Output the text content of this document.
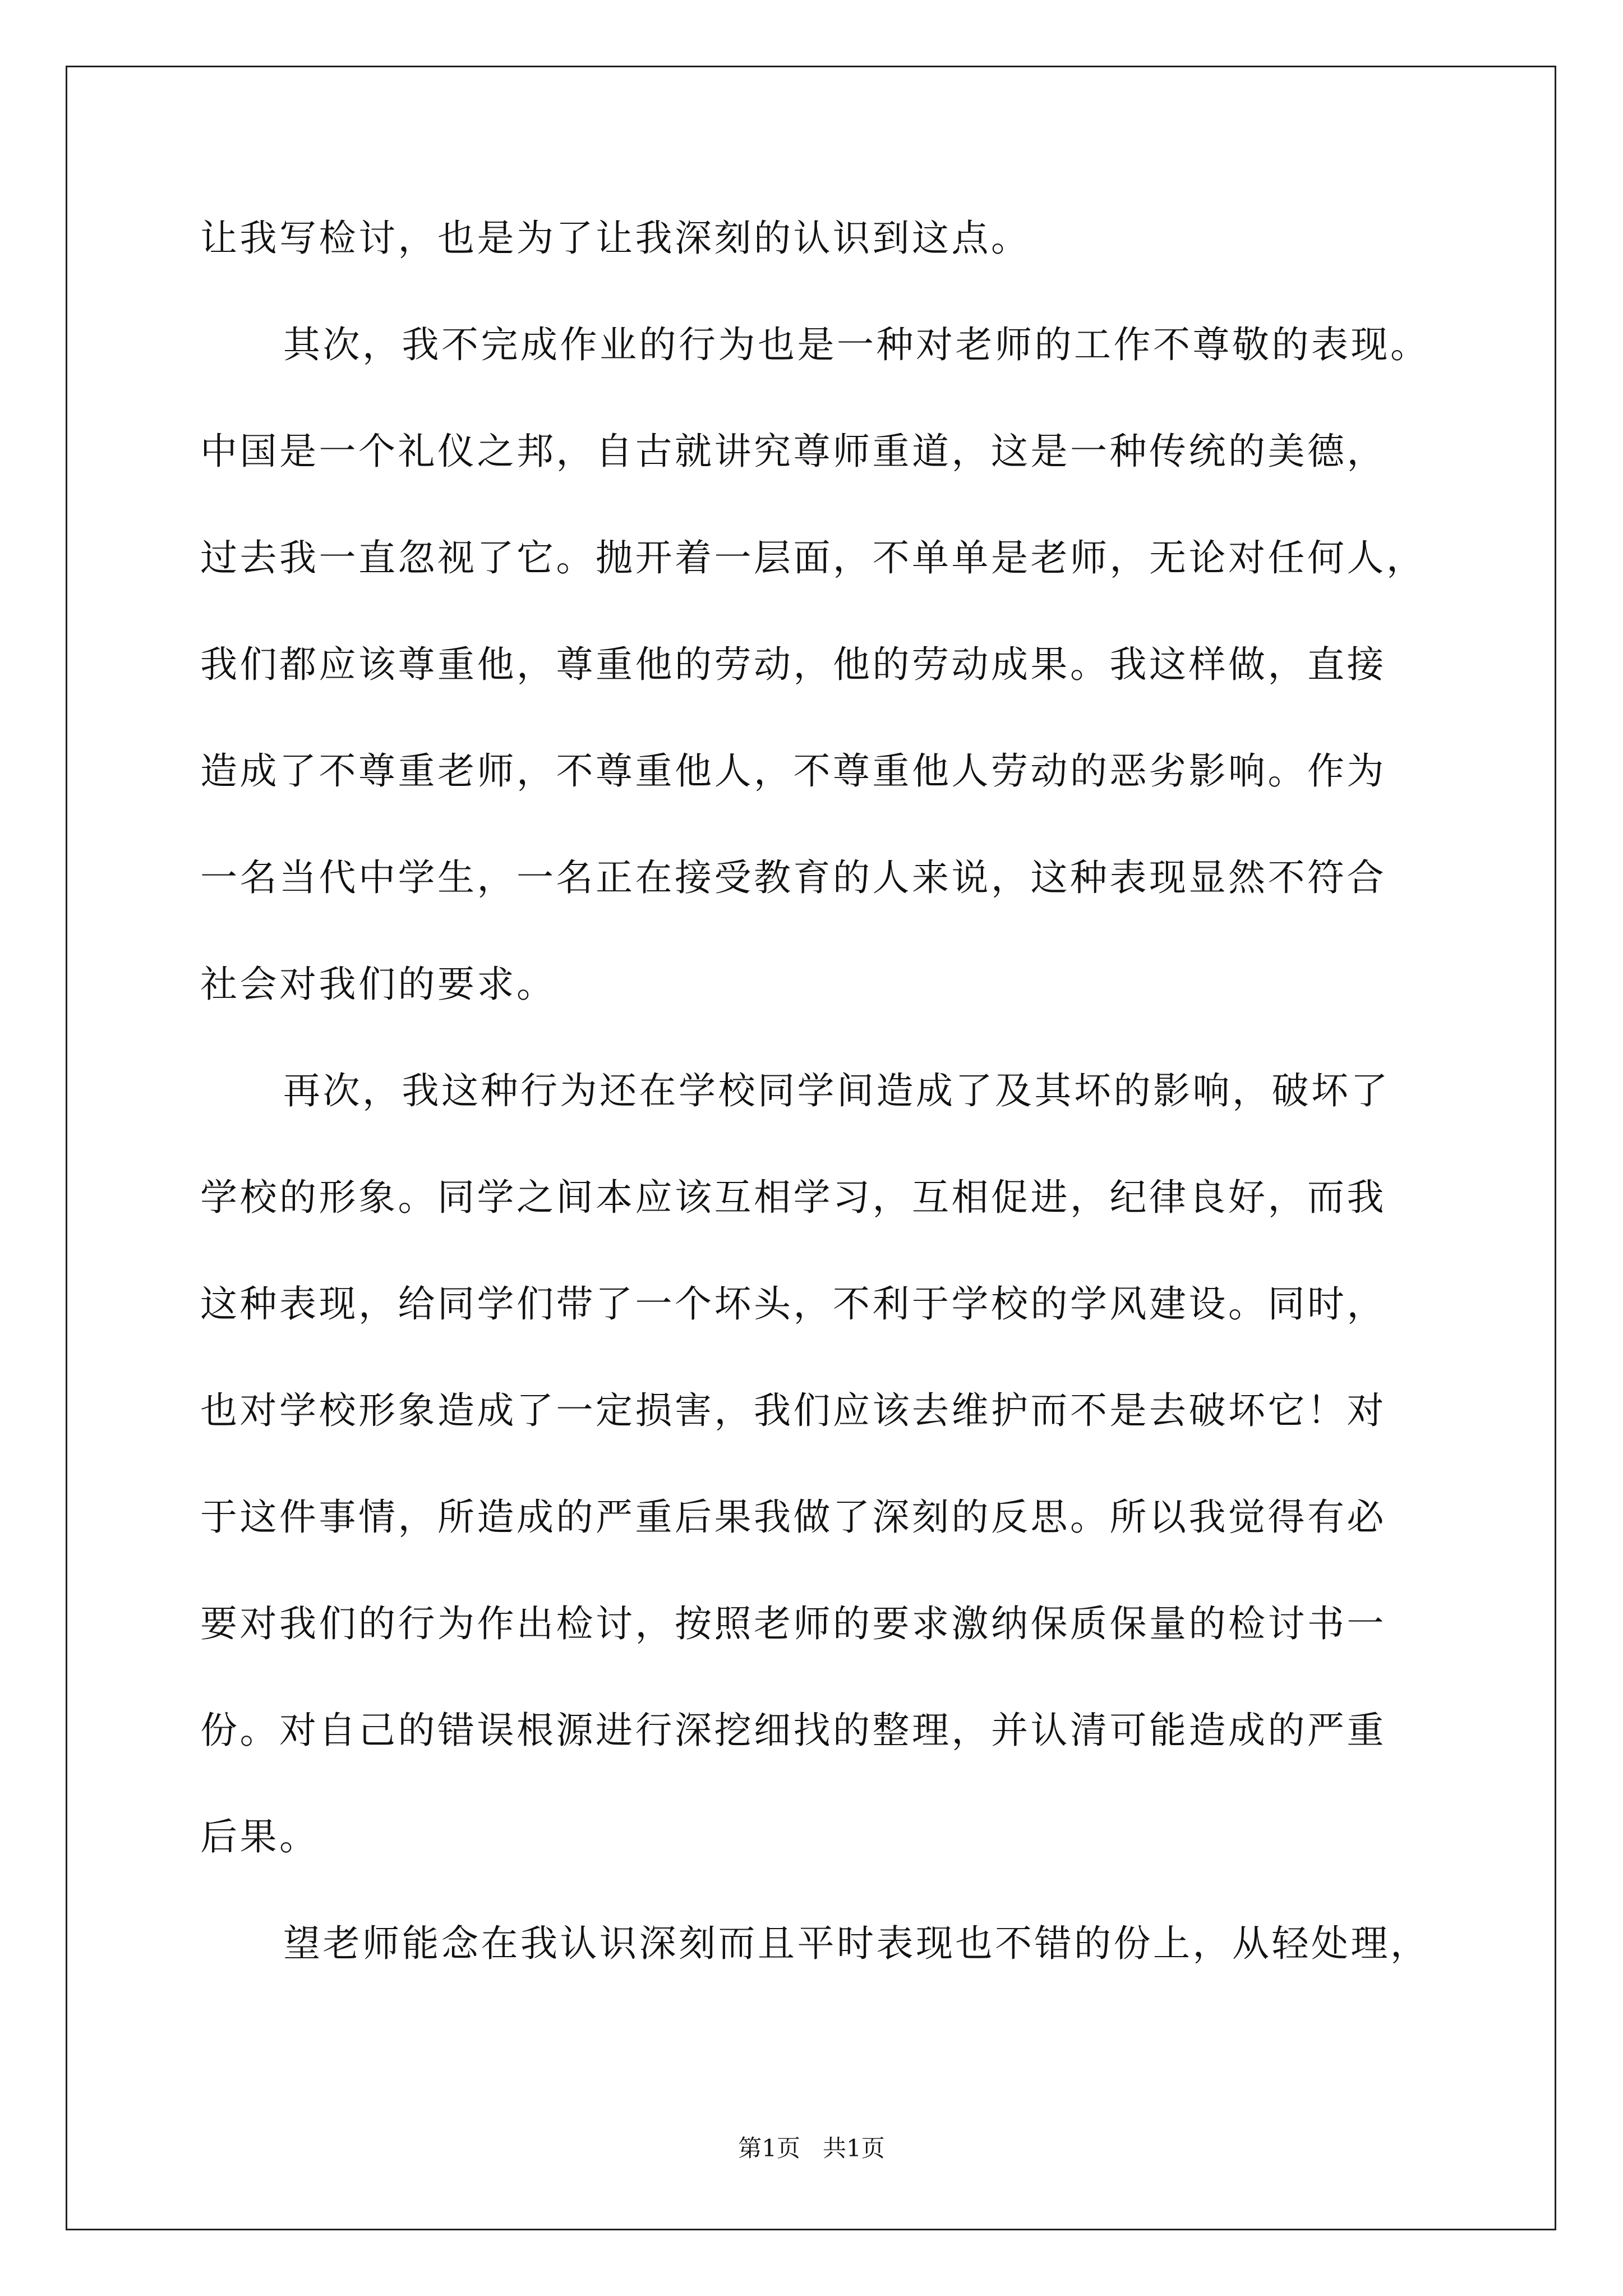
让我写检讨，也是为了让我深刻的认识到这点。
其次，我不完成作业的行为也是一种对老师的工作不尊敬的表现。
中国是一个礼仪之邦，自古就讲究尊师重道，这是一种传统的美德，
过去我一直忽视了它。抛开着一层面，不单单是老师，无论对任何人，
我们都应该尊重他，尊重他的劳动，他的劳动成果。我这样做，直接
造成了不尊重老师，不尊重他人，不尊重他人劳动的恶劣影响。作为
一名当代中学生，一名正在接受教育的人来说，这种表现显然不符合
社会对我们的要求。
再次，我这种行为还在学校同学间造成了及其坏的影响，破坏了
学校的形象。同学之间本应该互相学习，互相促进，纪律良好，而我
这种表现，给同学们带了一个坏头，不利于学校的学风建设。同时，
也对学校形象造成了一定损害，我们应该去维护而不是去破坏它！对
于这件事情，所造成的严重后果我做了深刻的反思。所以我觉得有必
要对我们的行为作出检讨，按照老师的要求激纳保质保量的检讨书一
份。对自己的错误根源进行深挖细找的整理，并认清可能造成的严重
后果。
望老师能念在我认识深刻而且平时表现也不错的份上，从轻处理，
第1页 共1页
